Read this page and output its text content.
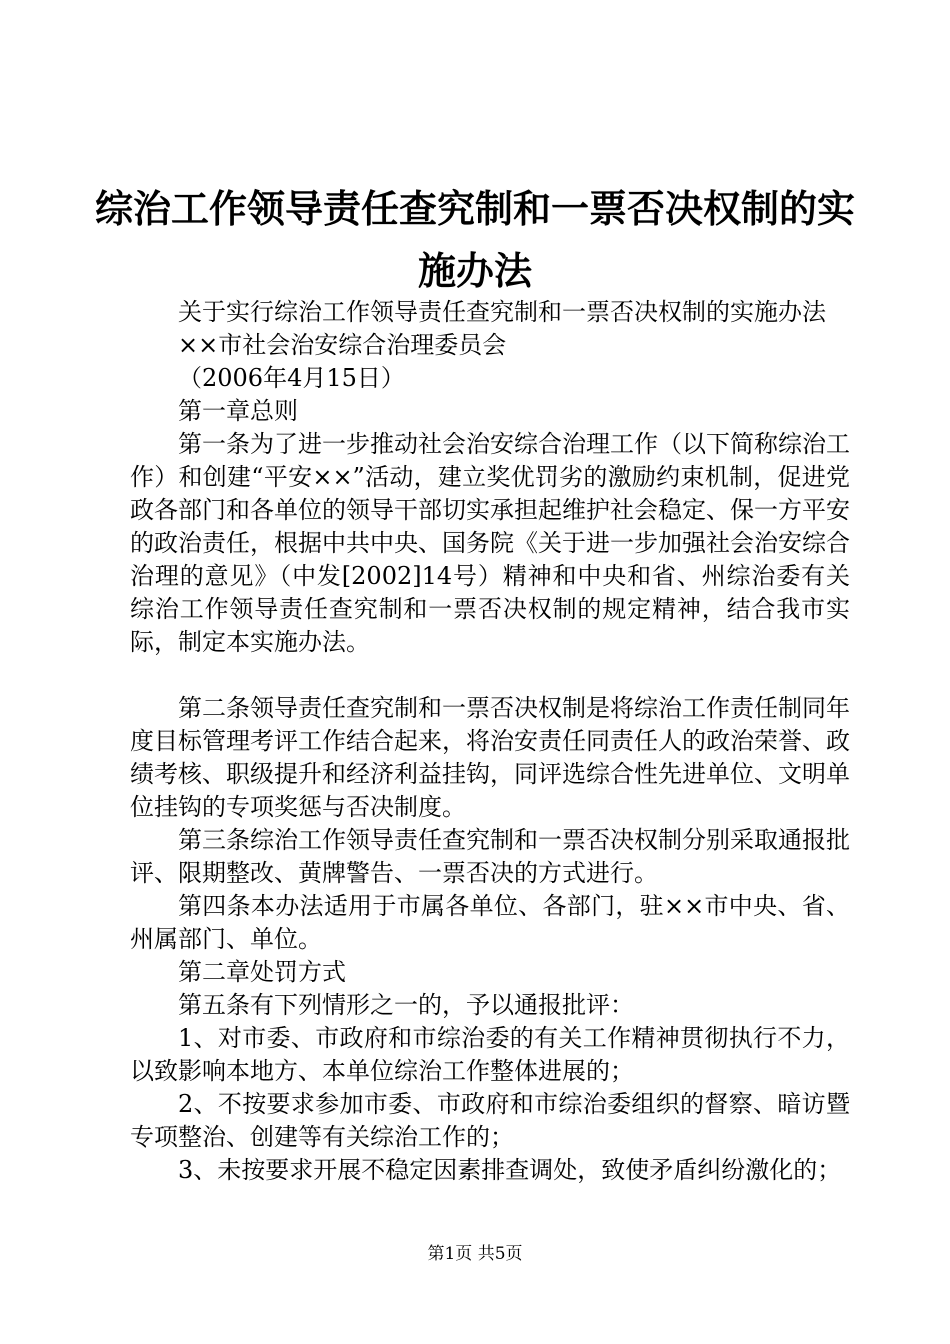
综治工作领导责任查究制和一票否决权制的实施办法

关于实行综治工作领导责任查究制和一票否决权制的实施办法

××市社会治安综合治理委员会

（2006年4月15日）

第一章总则

第一条为了进一步推动社会治安综合治理工作（以下简称综治工作）和创建“平安××”活动，建立奖优罚劣的激励约束机制，促进党政各部门和各单位的领导干部切实承担起维护社会稳定、保一方平安的政治责任，根据中共中央、国务院《关于进一步加强社会治安综合治理的意见》（中发[2002]14号）精神和中央和省、州综治委有关综治工作领导责任查究制和一票否决权制的规定精神，结合我市实际，制定本实施办法。

第二条领导责任查究制和一票否决权制是将综治工作责任制同年度目标管理考评工作结合起来，将治安责任同责任人的政治荣誉、政绩考核、职级提升和经济利益挂钩，同评选综合性先进单位、文明单位挂钩的专项奖惩与否决制度。

第三条综治工作领导责任查究制和一票否决权制分别采取通报批评、限期整改、黄牌警告、一票否决的方式进行。

第四条本办法适用于市属各单位、各部门，驻××市中央、省、州属部门、单位。

第二章处罚方式

第五条有下列情形之一的，予以通报批评：

1、对市委、市政府和市综治委的有关工作精神贯彻执行不力，以致影响本地方、本单位综治工作整体进展的；

2、不按要求参加市委、市政府和市综治委组织的督察、暗访暨专项整治、创建等有关综治工作的；

3、未按要求开展不稳定因素排查调处，致使矛盾纠纷激化的；

第1页 共5页
